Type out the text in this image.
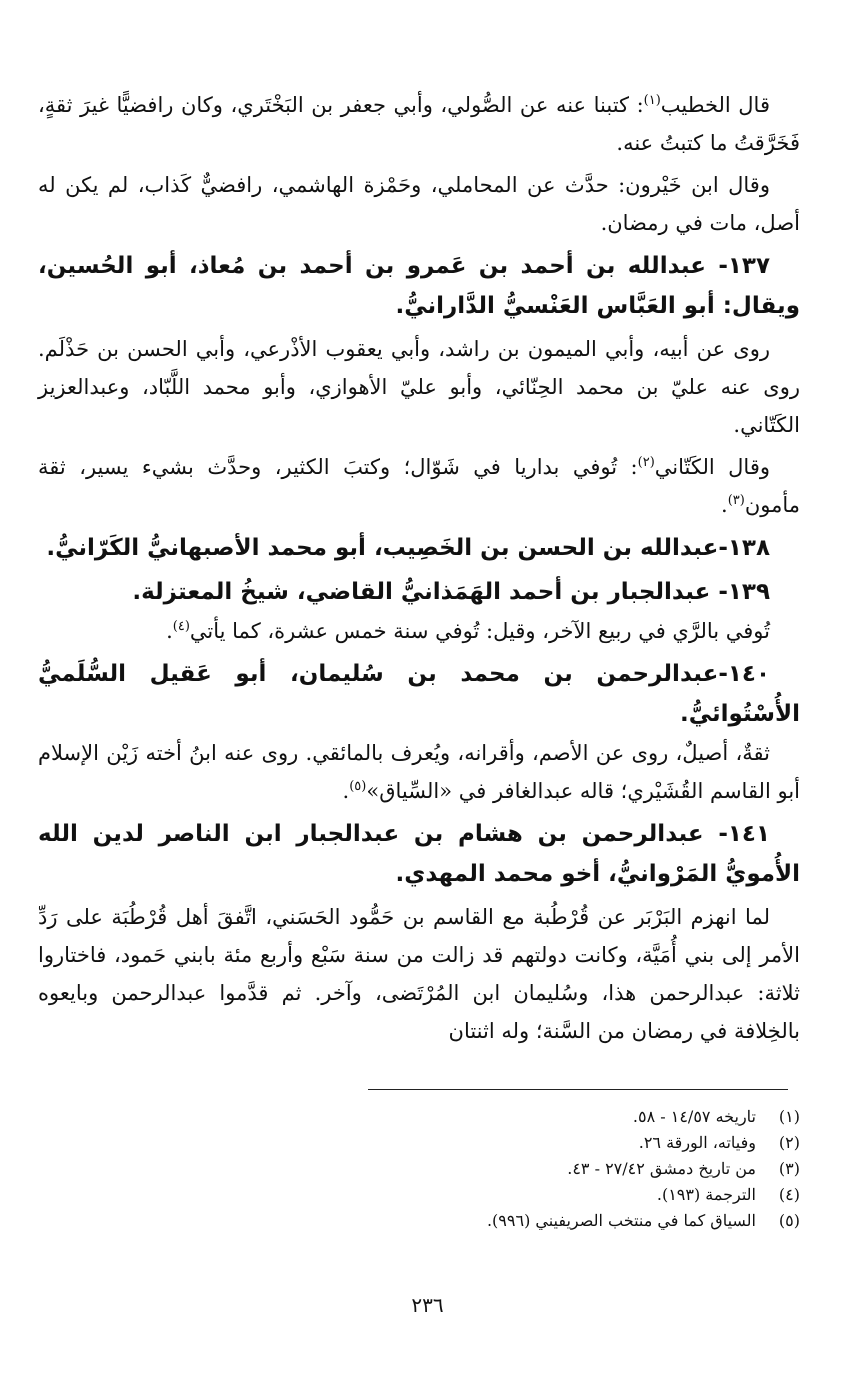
قال الخطيب$^{(١)}$: كتبنا عنه عن الصُّولي، وأبي جعفر بن البَخْتَري، وكان رافضيًّا غيرَ ثقةٍ، فَخَرَّقتُ ما كتبتُ عنه.

وقال ابن خَيْرون: حدَّث عن المحاملي، وحَمْزة الهاشمي، رافضيٌّ كَذاب، لم يكن له أصل، مات في رمضان.

١٣٧- عبدالله بن أحمد بن عَمرو بن أحمد بن مُعاذ، أبو الحُسين، ويقال: أبو العَبَّاس العَنْسيُّ الدَّارانيُّ.

روى عن أبيه، وأبي الميمون بن راشد، وأبي يعقوب الأذْرعي، وأبي الحسن بن حَذْلَم. روى عنه عليّ بن محمد الحِنّائي، وأبو عليّ الأهوازي، وأبو محمد اللَّبّاد، وعبدالعزيز الكَتّاني.

وقال الكَتّاني$^{(٢)}$: تُوفي بداريا في شَوّال؛ وكتبَ الكثير، وحدَّث بشيء يسير، ثقة مأمون$^{(٣)}$.

١٣٨-عبدالله بن الحسن بن الخَصِيب، أبو محمد الأصبهانيُّ الكَرّانيُّ.

١٣٩- عبدالجبار بن أحمد الهَمَذانيُّ القاضي، شيخُ المعتزلة.

تُوفي بالرَّي في ربيع الآخر، وقيل: تُوفي سنة خمس عشرة، كما يأتي$^{(٤)}$.

١٤٠-عبدالرحمن بن محمد بن سُليمان، أبو عَقيل السُّلَميُّ الأُسْتُوائيُّ.

ثقةٌ، أصيلٌ، روى عن الأصم، وأقرانه، ويُعرف بالمائقي. روى عنه ابنُ أخته زَيْن الإسلام أبو القاسم القُشَيْري؛ قاله عبدالغافر في «السِّياق»$^{(٥)}$.

١٤١- عبدالرحمن بن هشام بن عبدالجبار ابن الناصر لدين الله الأُمويُّ المَرْوانيُّ، أخو محمد المهدي.

لما انهزم البَرْبَر عن قُرْطُبة مع القاسم بن حَمُّود الحَسَني، اتَّفقَ أهل قُرْطُبَة على رَدِّ الأمر إلى بني أُمَيَّة، وكانت دولتهم قد زالت من سنة سَبْع وأربع مئة بابني حَمود، فاختاروا ثلاثة: عبدالرحمن هذا، وسُليمان ابن المُرْتَضى، وآخر. ثم قدَّموا عبدالرحمن وبايعوه بالخِلافة في رمضان من السَّنة؛ وله اثنتان

(١)
تاريخه ١٤/٥٧ - ٥٨.
(٢)
وفياته، الورقة ٢٦.
(٣)
من تاريخ دمشق ٢٧/٤٢ - ٤٣.
(٤)
الترجمة (١٩٣).
(٥)
السياق كما في منتخب الصريفيني (٩٩٦).
٢٣٦
